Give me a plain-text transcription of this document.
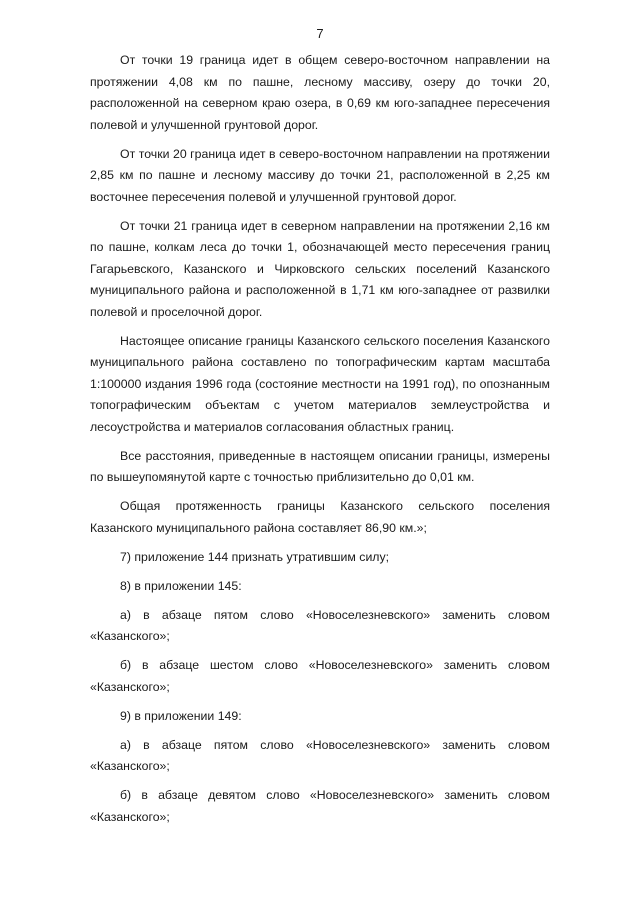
7

От точки 19 граница идет в общем северо-восточном направлении на протяжении 4,08 км по пашне, лесному массиву, озеру до точки 20, расположенной на северном краю озера, в 0,69 км юго-западнее пересечения полевой и улучшенной грунтовой дорог.

От точки 20 граница идет в северо-восточном направлении на протяжении 2,85 км по пашне и лесному массиву до точки 21, расположенной в 2,25 км восточнее пересечения полевой и улучшенной грунтовой дорог.

От точки 21 граница идет в северном направлении на протяжении 2,16 км по пашне, колкам леса до точки 1, обозначающей место пересечения границ Гагарьевского, Казанского и Чирковского сельских поселений Казанского муниципального района и расположенной в 1,71 км юго-западнее от развилки полевой и проселочной дорог.

Настоящее описание границы Казанского сельского поселения Казанского муниципального района составлено по топографическим картам масштаба 1:100000 издания 1996 года (состояние местности на 1991 год), по опознанным топографическим объектам с учетом материалов землеустройства и лесоустройства и материалов согласования областных границ.

Все расстояния, приведенные в настоящем описании границы, измерены по вышеупомянутой карте с точностью приблизительно до 0,01 км.

Общая протяженность границы Казанского сельского поселения Казанского муниципального района составляет 86,90 км.»;

7) приложение 144 признать утратившим силу;

8) в приложении 145:

а) в абзаце пятом слово «Новоселезневского» заменить словом «Казанского»;

б) в абзаце шестом слово «Новоселезневского» заменить словом «Казанского»;

9) в приложении 149:

а) в абзаце пятом слово «Новоселезневского» заменить словом «Казанского»;

б) в абзаце девятом слово «Новоселезневского» заменить словом «Казанского»;
